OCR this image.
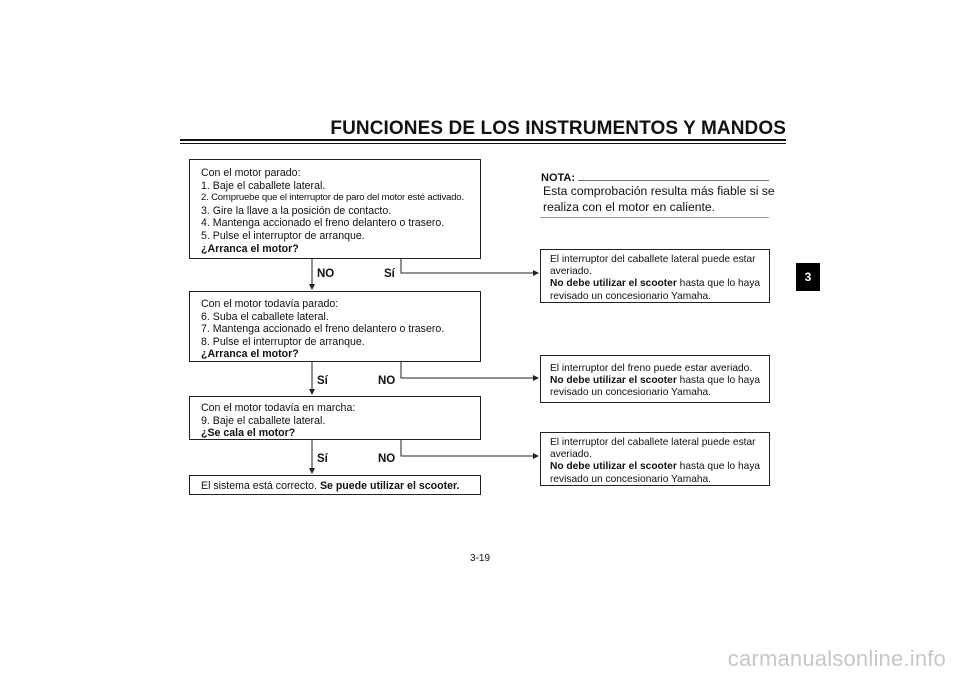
FUNCIONES DE LOS INSTRUMENTOS Y MANDOS
Con el motor parado:
1. Baje el caballete lateral.
2. Compruebe que el interruptor de paro del motor esté activado.
3. Gire la llave a la posición de contacto.
4. Mantenga accionado el freno delantero o trasero.
5. Pulse el interruptor de arranque.
¿Arranca el motor?
NO	Sí
Con el motor todavía parado:
6. Suba el caballete lateral.
7. Mantenga accionado el freno delantero o trasero.
8. Pulse el interruptor de arranque.
¿Arranca el motor?
Sí	NO
Con el motor todavía en marcha:
9. Baje el caballete lateral.
¿Se cala el motor?
Sí	NO
El sistema está correcto. Se puede utilizar el scooter.
NOTA:
Esta comprobación resulta más fiable si se
realiza con el motor en caliente.
El interruptor del caballete lateral puede estar
averiado.
No debe utilizar el scooter hasta que lo haya
revisado un concesionario Yamaha.
El interruptor del freno puede estar averiado.
No debe utilizar el scooter hasta que lo haya
revisado un concesionario Yamaha.
El interruptor del caballete lateral puede estar
averiado.
No debe utilizar el scooter hasta que lo haya
revisado un concesionario Yamaha.
3
3-19
carmanualsonline.info
